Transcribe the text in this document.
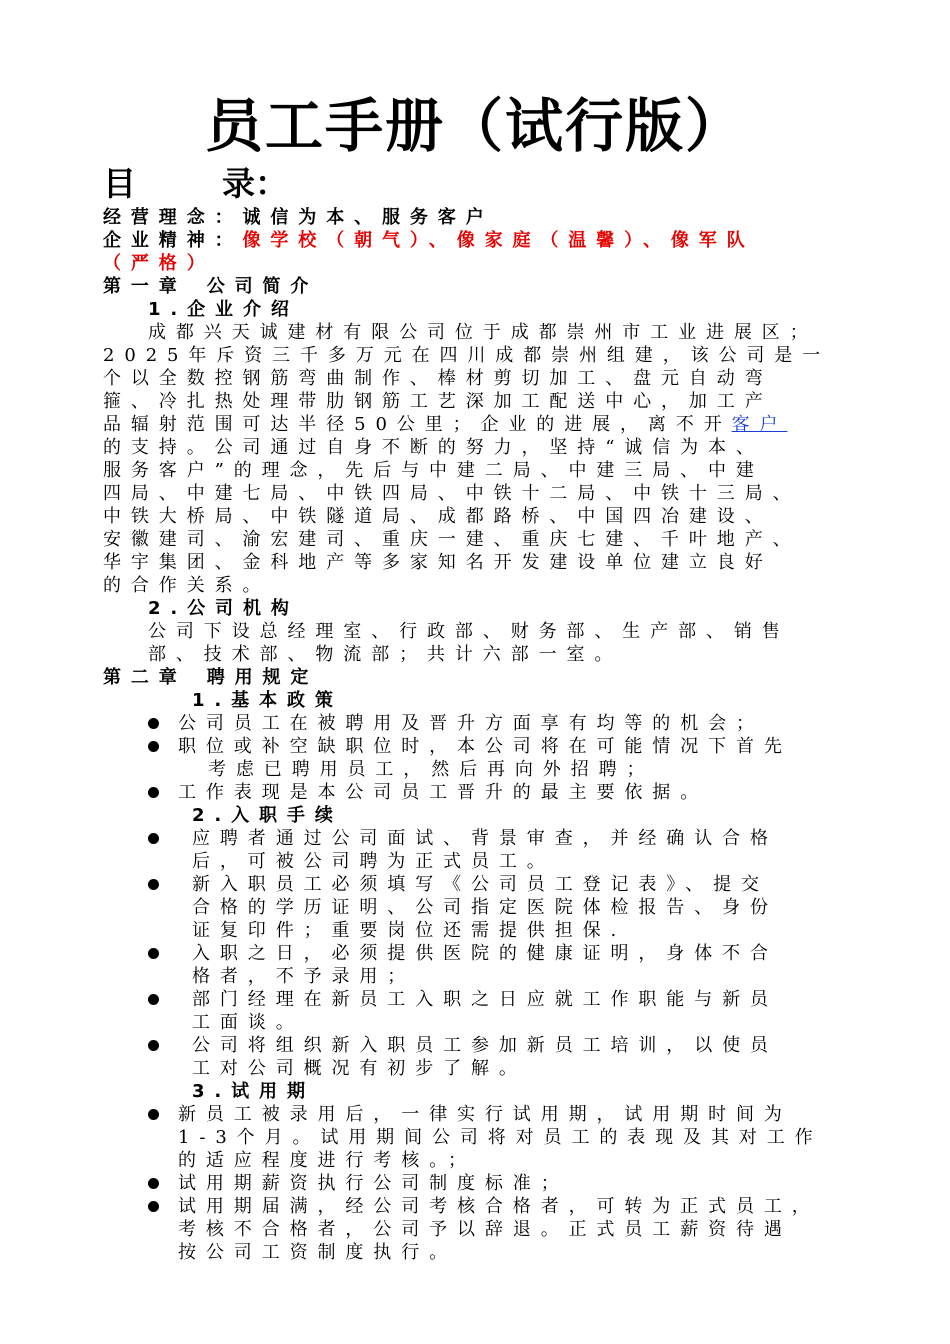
员工手册（试行版）
目	录：
经营理念：诚信为本、服务客户
企业精神：像学校（朝气）、像家庭（温馨）、像军队
（严格）
第一章 公司简介
1.企业介绍
成都兴天诚建材有限公司位于成都崇州市工业进展区；
2025年斥资三千多万元在四川成都崇州组建，该公司是一
个以全数控钢筋弯曲制作、棒材剪切加工、盘元自动弯
箍、冷扎热处理带肋钢筋工艺深加工配送中心，加工产
品辐射范围可达半径50公里；企业的进展，离不开客户
的支持。公司通过自身不断的努力，坚持“诚信为本、
服务客户”的理念，先后与中建二局、中建三局、中建
四局、中建七局、中铁四局、中铁十二局、中铁十三局、
中铁大桥局、中铁隧道局、成都路桥、中国四冶建设、
安徽建司、渝宏建司、重庆一建、重庆七建、千叶地产、
华宇集团、金科地产等多家知名开发建设单位建立良好
的合作关系。
2.公司机构
公司下设总经理室、行政部、财务部、生产部、销售
部、技术部、物流部；共计六部一室。
第二章 聘用规定
1.基本政策
公司员工在被聘用及晋升方面享有均等的机会；
职位或补空缺职位时，本公司将在可能情况下首先
考虑已聘用员工，然后再向外招聘；
工作表现是本公司员工晋升的最主要依据。
2.入职手续
应聘者通过公司面试、背景审查，并经确认合格
后，可被公司聘为正式员工。
新入职员工必须填写《公司员工登记表》、提交
合格的学历证明、公司指定医院体检报告、身份
证复印件；重要岗位还需提供担保.
入职之日，必须提供医院的健康证明，身体不合
格者，不予录用；
部门经理在新员工入职之日应就工作职能与新员
工面谈。
公司将组织新入职员工参加新员工培训，以使员
工对公司概况有初步了解。
3.试用期
新员工被录用后，一律实行试用期，试用期时间为
1-3个月。试用期间公司将对员工的表现及其对工作
的适应程度进行考核。；
试用期薪资执行公司制度标准；
试用期届满，经公司考核合格者，可转为正式员工，
考核不合格者，公司予以辞退。正式员工薪资待遇
按公司工资制度执行。
